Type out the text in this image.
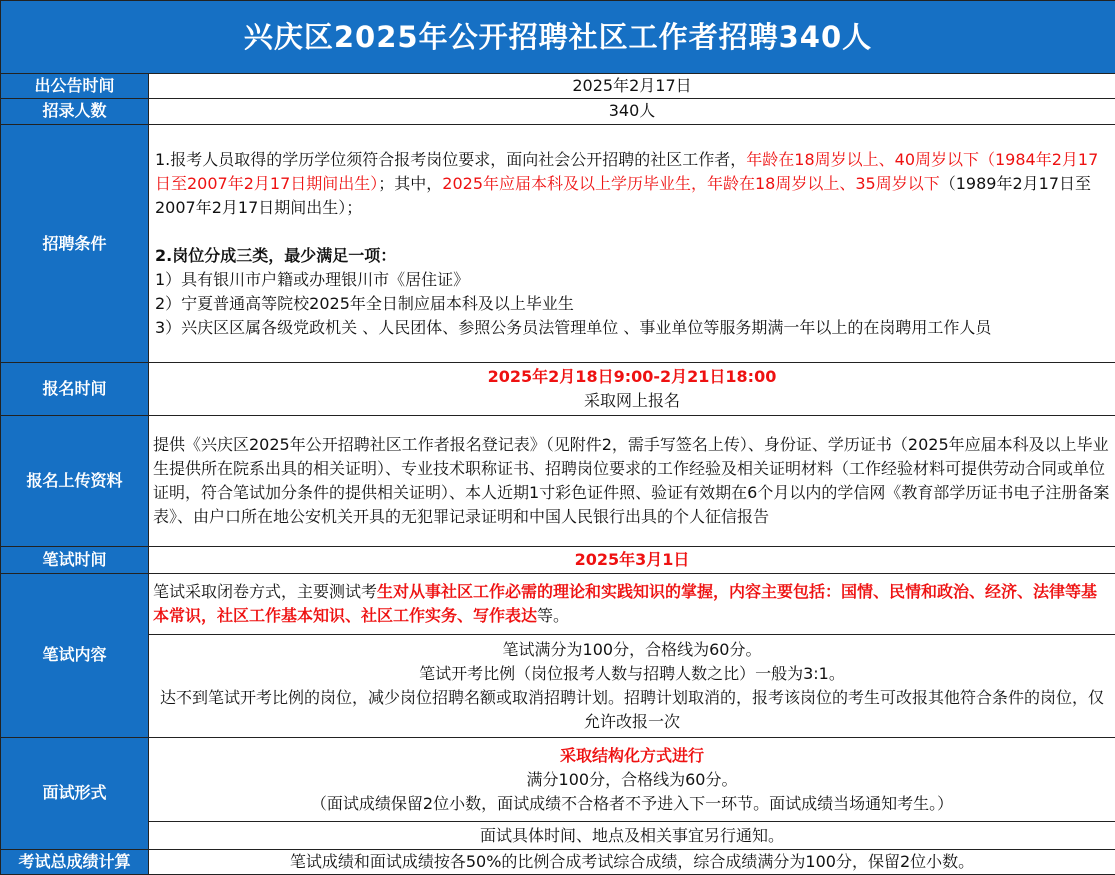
兴庆区2025年公开招聘社区工作者招聘340人	
出公告时间	2025年2月17日
招录人数	340人
招聘条件	1.报考人员取得的学历学位须符合报考岗位要求，面向社会公开招聘的社区工作者，年龄在18周岁以上、40周岁以下（1984年2月17日至2007年2月17日期间出生）；其中，2025年应届本科及以上学历毕业生，年龄在18周岁以上、35周岁以下（1989年2月17日至2007年2月17日期间出生）；
2.岗位分成三类，最少满足一项：
1）具有银川市户籍或办理银川市《居住证》
2）宁夏普通高等院校2025年全日制应届本科及以上毕业生
3）兴庆区区属各级党政机关 、人民团体、参照公务员法管理单位 、事业单位等服务期满一年以上的在岗聘用工作人员

报名时间	2025年2月18日9:00-2月21日18:00
采取网上报名

报名上传资料	提供《兴庆区2025年公开招聘社区工作者报名登记表》（见附件2，需手写签名上传）、身份证、学历证书（2025年应届本科及以上毕业生提供所在院系出具的相关证明）、专业技术职称证书、招聘岗位要求的工作经验及相关证明材料（工作经验材料可提供劳动合同或单位证明，符合笔试加分条件的提供相关证明）、本人近期1寸彩色证件照、验证有效期在6个月以内的学信网《教育部学历证书电子注册备案表》、由户口所在地公安机关开具的无犯罪记录证明和中国人民银行出具的个人征信报告
笔试时间	2025年3月1日
笔试内容	笔试采取闭卷方式，主要测试考生对从事社区工作必需的理论和实践知识的掌握，内容主要包括：国情、民情和政治、经济、法律等基本常识，社区工作基本知识、社区工作实务、写作表达等。

	笔试满分为100分，合格线为60分。
笔试开考比例（岗位报考人数与招聘人数之比）一般为3:1。
达不到笔试开考比例的岗位，减少岗位招聘名额或取消招聘计划。招聘计划取消的，报考该岗位的考生可改报其他符合条件的岗位，仅允许改报一次

面试形式	采取结构化方式进行
满分100分，合格线为60分。
（面试成绩保留2位小数，面试成绩不合格者不予进入下一环节。面试成绩当场通知考生。）

	面试具体时间、地点及相关事宜另行通知。
考试总成绩计算	笔试成绩和面试成绩按各50%的比例合成考试综合成绩，综合成绩满分为100分，保留2位小数。
